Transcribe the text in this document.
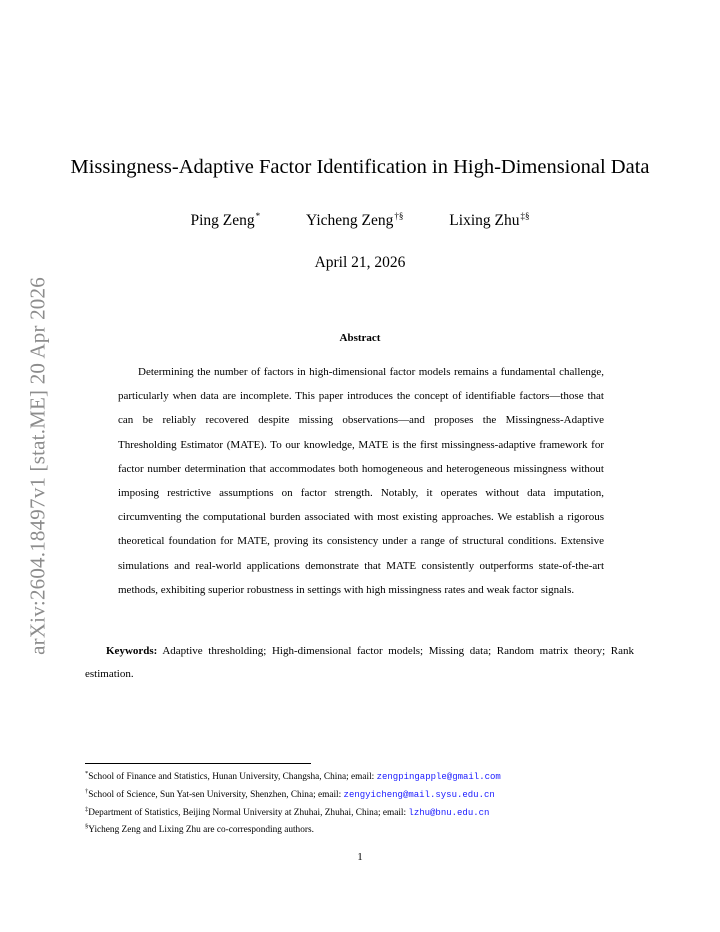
arXiv:2604.18497v1 [stat.ME] 20 Apr 2026
Missingness-Adaptive Factor Identification in High-Dimensional Data
Ping Zeng*	Yicheng Zeng†§	Lixing Zhu‡§
April 21, 2026
Abstract

Determining the number of factors in high-dimensional factor models remains a fundamental challenge, particularly when data are incomplete. This paper introduces the concept of identifiable factors—those that can be reliably recovered despite missing observations—and proposes the Missingness-Adaptive Thresholding Estimator (MATE). To our knowledge, MATE is the first missingness-adaptive framework for factor number determination that accommodates both homogeneous and heterogeneous missingness without imposing restrictive assumptions on factor strength. Notably, it operates without data imputation, circumventing the computational burden associated with most existing approaches. We establish a rigorous theoretical foundation for MATE, proving its consistency under a range of structural conditions. Extensive simulations and real-world applications demonstrate that MATE consistently outperforms state-of-the-art methods, exhibiting superior robustness in settings with high missingness rates and weak factor signals.

Keywords: Adaptive thresholding; High-dimensional factor models; Missing data; Random matrix theory; Rank estimation.

*School of Finance and Statistics, Hunan University, Changsha, China; email: zengpingapple@gmail.com
†School of Science, Sun Yat-sen University, Shenzhen, China; email: zengyicheng@mail.sysu.edu.cn
‡Department of Statistics, Beijing Normal University at Zhuhai, Zhuhai, China; email: lzhu@bnu.edu.cn
§Yicheng Zeng and Lixing Zhu are co-corresponding authors.
1
